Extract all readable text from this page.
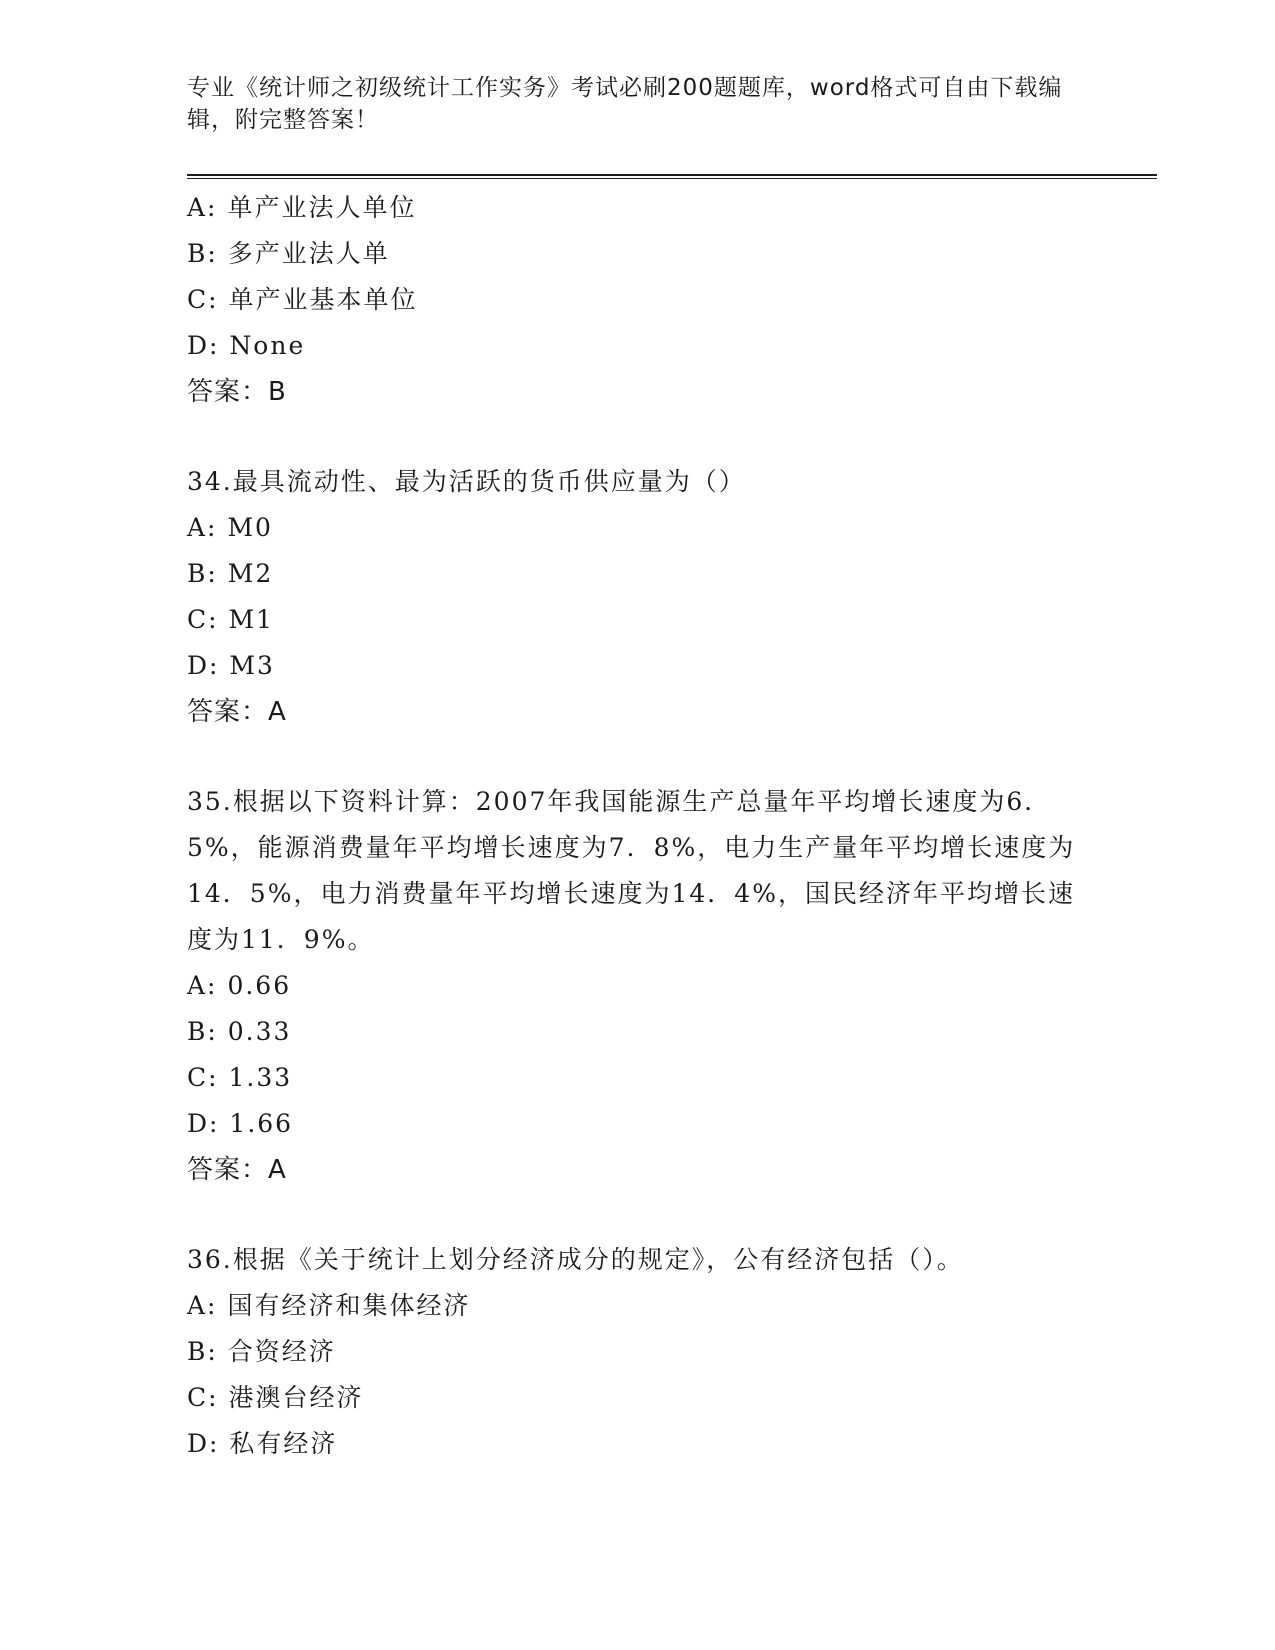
专业《统计师之初级统计工作实务》考试必刷200题题库，word格式可自由下载编辑，附完整答案！

A: 单产业法人单位
B: 多产业法人单
C: 单产业基本单位
D: None
答案：B
34.最具流动性、最为活跃的货币供应量为（）
A: M0
B: M2
C: M1
D: M3
答案：A
35.根据以下资料计算：2007年我国能源生产总量年平均增长速度为6．5%，能源消费量年平均增长速度为7．8%，电力生产量年平均增长速度为14．5%，电力消费量年平均增长速度为14．4%，国民经济年平均增长速度为11．9%。
A: 0.66
B: 0.33
C: 1.33
D: 1.66
答案：A
36.根据《关于统计上划分经济成分的规定》，公有经济包括（）。
A: 国有经济和集体经济
B: 合资经济
C: 港澳台经济
D: 私有经济
